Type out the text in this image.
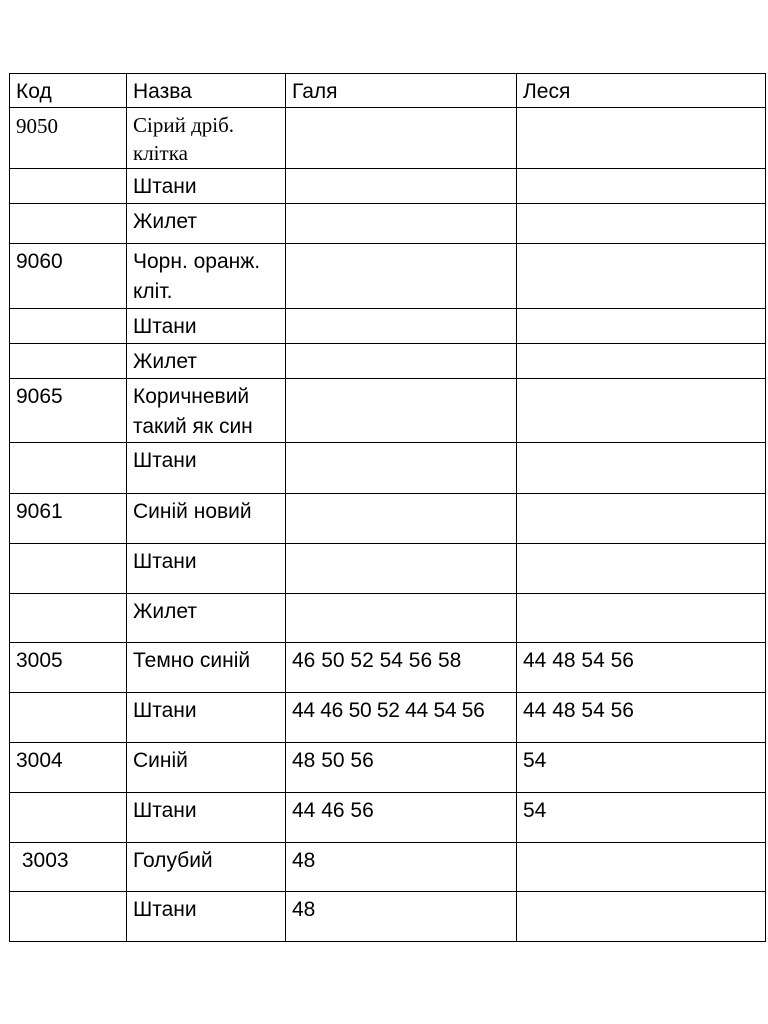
Код	Назва	Галя	Леся
9050	Сірий дріб. клітка		
	Штани		
	Жилет		
9060	Чорн. оранж. кліт.		
	Штани		
	Жилет		
9065	Коричневий такий як син		
	Штани		
9061	Синій новий		
	Штани		
	Жилет		
3005	Темно синій	46 50 52 54 56 58	44 48 54 56
	Штани	44 46 50 52 44 54 56	44 48 54 56
3004	Синій	48 50 56	54
	Штани	44 46 56	54
3003	Голубий	48	
	Штани	48	
